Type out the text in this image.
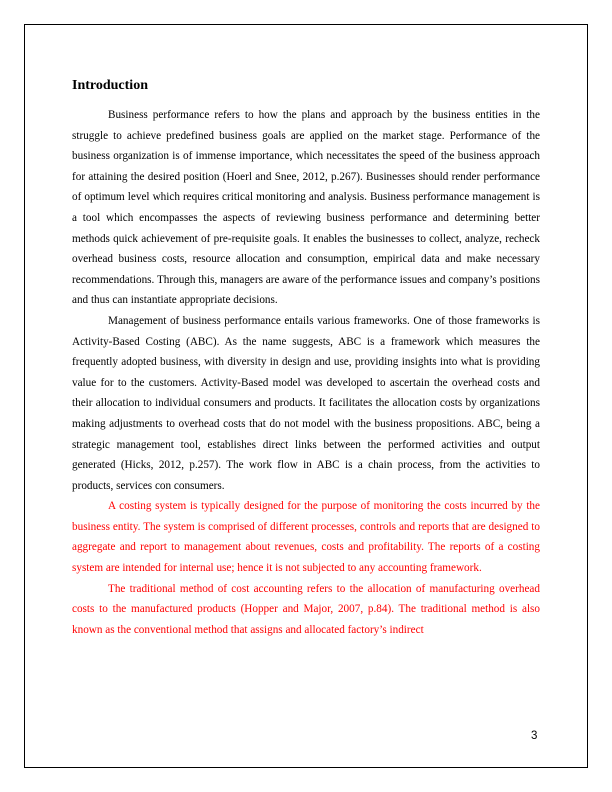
Introduction

Business performance refers to how the plans and approach by the business entities in the struggle to achieve predefined business goals are applied on the market stage. Performance of the business organization is of immense importance, which necessitates the speed of the business approach for attaining the desired position (Hoerl and Snee, 2012, p.267). Businesses should render performance of optimum level which requires critical monitoring and analysis. Business performance management is a tool which encompasses the aspects of reviewing business performance and determining better methods quick achievement of pre-requisite goals. It enables the businesses to collect, analyze, recheck overhead business costs, resource allocation and consumption, empirical data and make necessary recommendations. Through this, managers are aware of the performance issues and company’s positions and thus can instantiate appropriate decisions.

Management of business performance entails various frameworks. One of those frameworks is Activity-Based Costing (ABC). As the name suggests, ABC is a framework which measures the frequently adopted business, with diversity in design and use, providing insights into what is providing value for to the customers. Activity-Based model was developed to ascertain the overhead costs and their allocation to individual consumers and products. It facilitates the allocation costs by organizations making adjustments to overhead costs that do not model with the business propositions. ABC, being a strategic management tool, establishes direct links between the performed activities and output generated (Hicks, 2012, p.257). The work flow in ABC is a chain process, from the activities to products, services con consumers.

A costing system is typically designed for the purpose of monitoring the costs incurred by the business entity. The system is comprised of different processes, controls and reports that are designed to aggregate and report to management about revenues, costs and profitability. The reports of a costing system are intended for internal use; hence it is not subjected to any accounting framework.

The traditional method of cost accounting refers to the allocation of manufacturing overhead costs to the manufactured products (Hopper and Major, 2007, p.84). The traditional method is also known as the conventional method that assigns and allocated factory’s indirect

3
